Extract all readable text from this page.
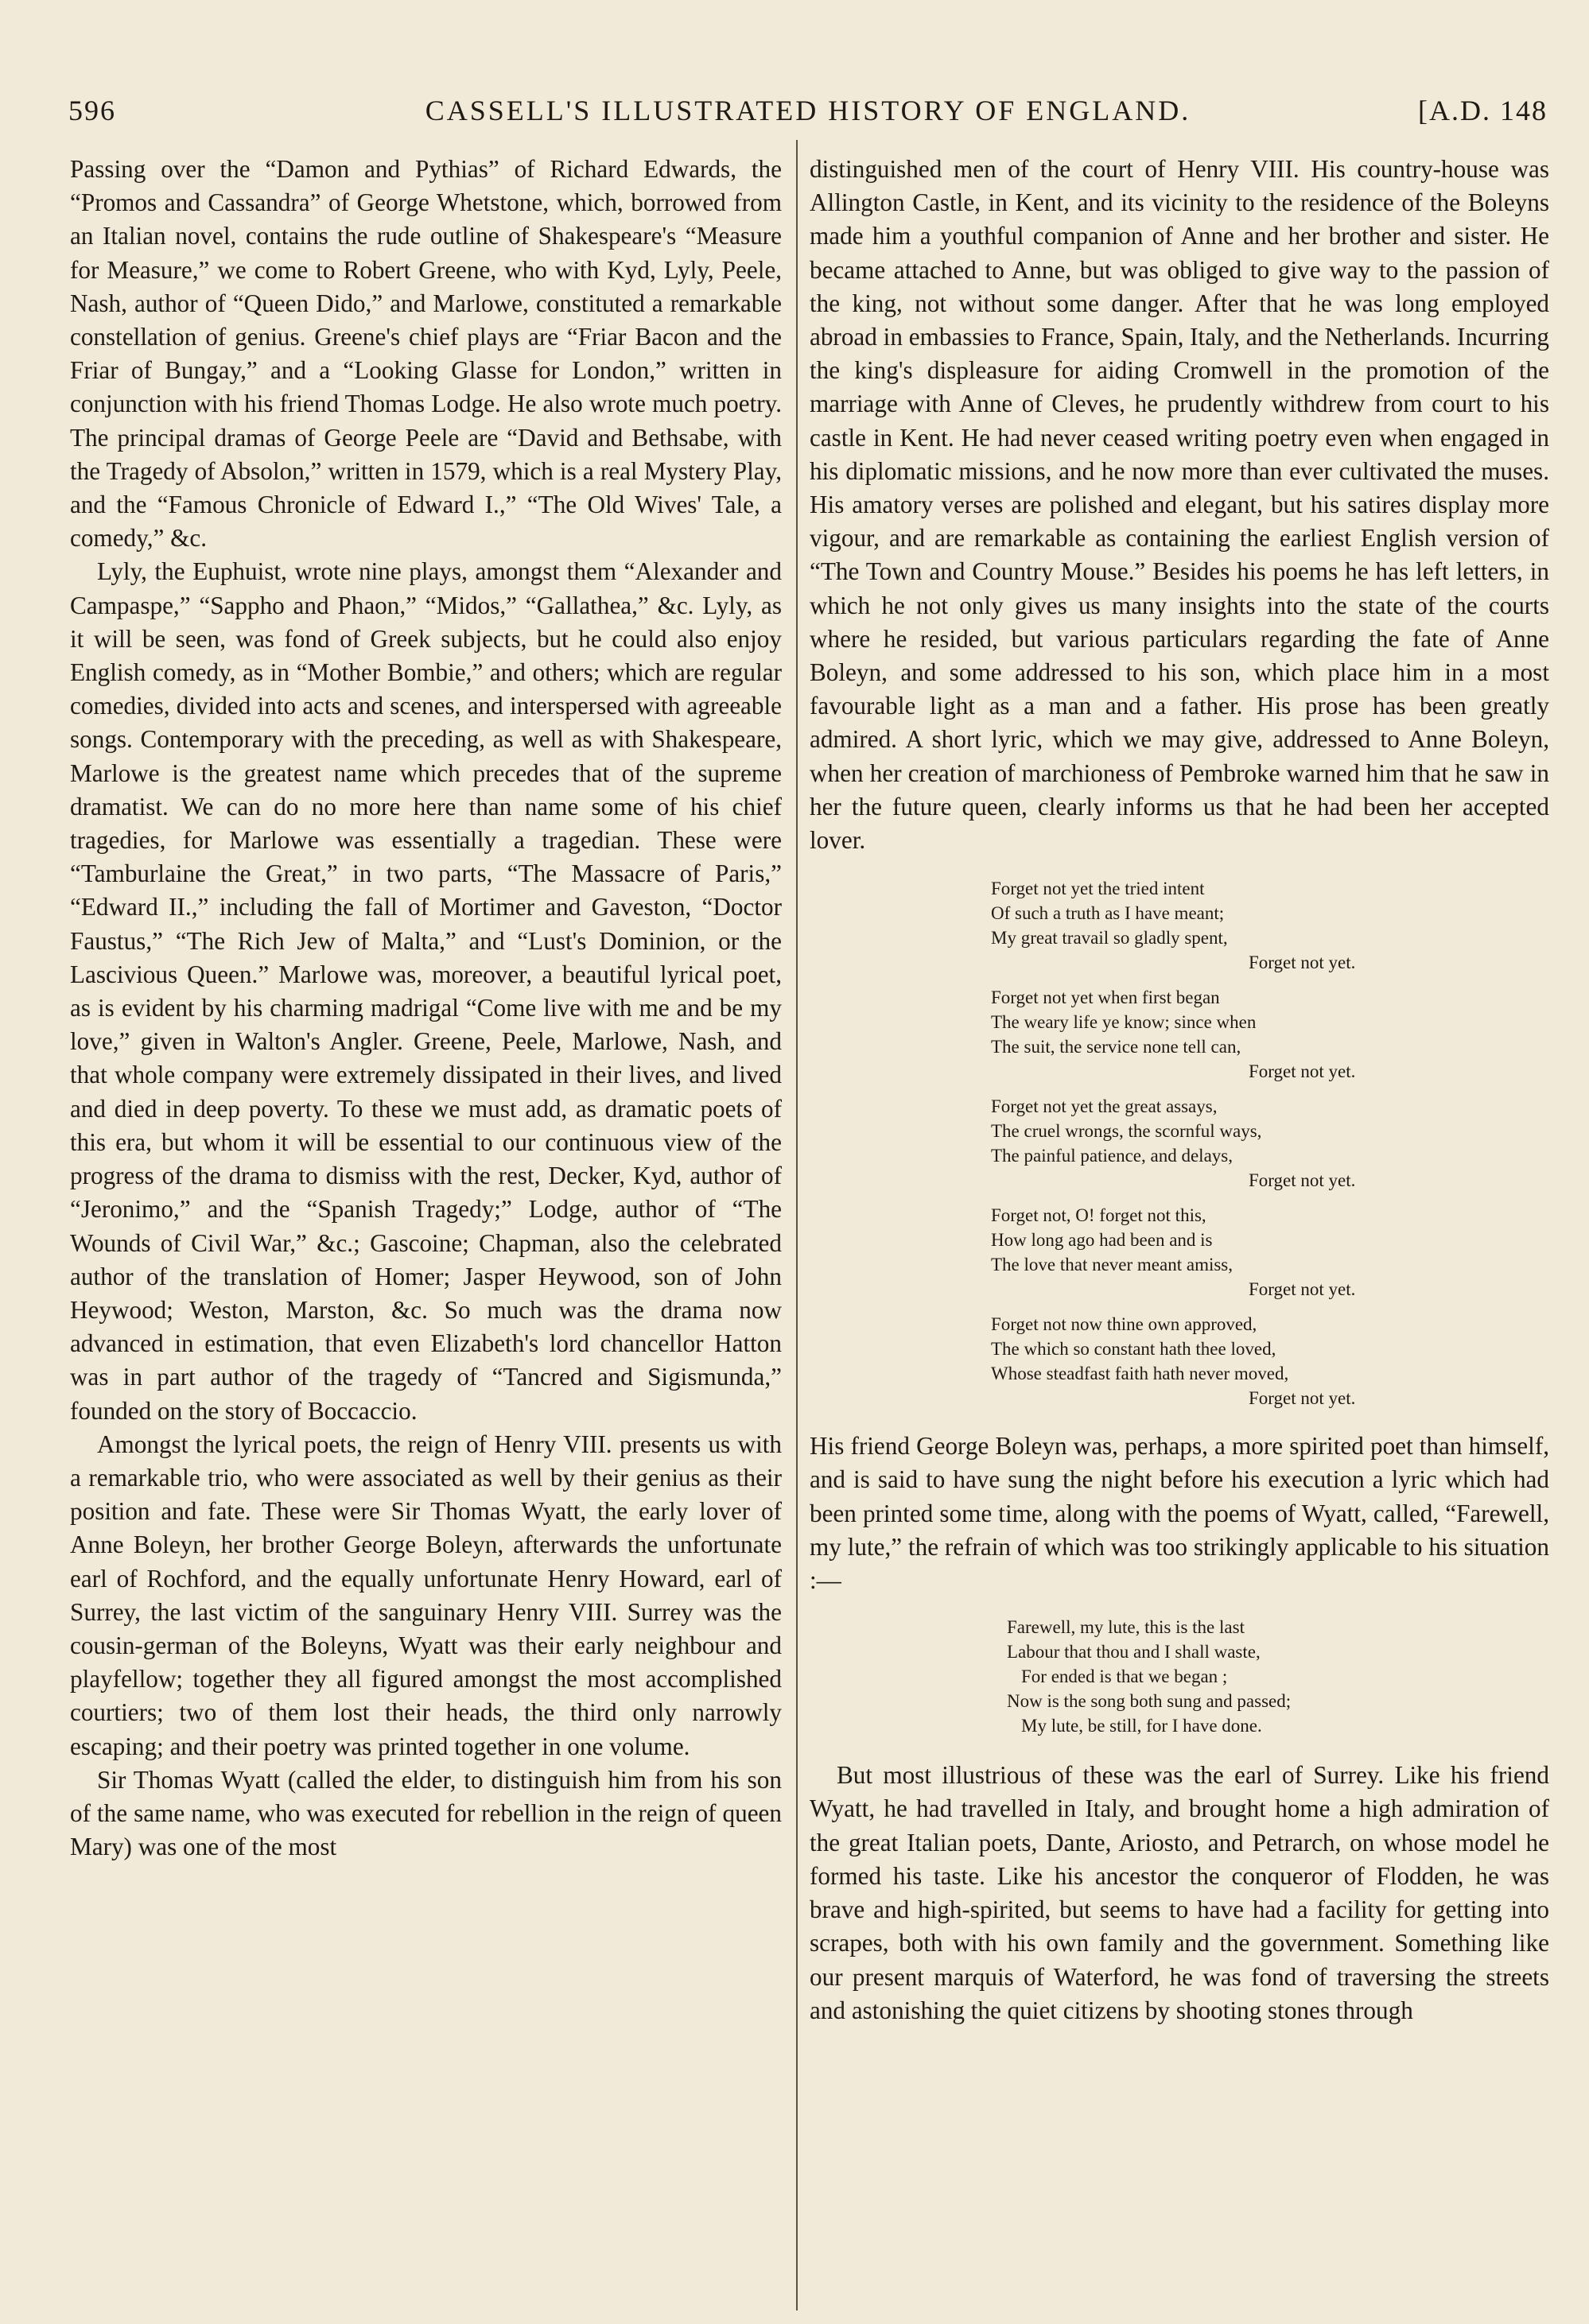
596	CASSELL'S ILLUSTRATED HISTORY OF ENGLAND.	[A.D. 148

Passing over the “Damon and Pythias” of Richard Edwards, the “Promos and Cassandra” of George Whetstone, which, borrowed from an Italian novel, contains the rude outline of Shakespeare's “Measure for Measure,” we come to Robert Greene, who with Kyd, Lyly, Peele, Nash, author of “Queen Dido,” and Marlowe, constituted a remarkable constellation of genius. Greene's chief plays are “Friar Bacon and the Friar of Bungay,” and a “Looking Glasse for London,” written in conjunction with his friend Thomas Lodge. He also wrote much poetry. The principal dramas of George Peele are “David and Bethsabe, with the Tragedy of Absolon,” written in 1579, which is a real Mystery Play, and the “Famous Chronicle of Edward I.,” “The Old Wives' Tale, a comedy,” &c.

Lyly, the Euphuist, wrote nine plays, amongst them “Alexander and Campaspe,” “Sappho and Phaon,” “Midos,” “Gallathea,” &c. Lyly, as it will be seen, was fond of Greek subjects, but he could also enjoy English comedy, as in “Mother Bombie,” and others; which are regular comedies, divided into acts and scenes, and interspersed with agreeable songs. Contemporary with the preceding, as well as with Shakespeare, Marlowe is the greatest name which precedes that of the supreme dramatist. We can do no more here than name some of his chief tragedies, for Marlowe was essentially a tragedian. These were “Tamburlaine the Great,” in two parts, “The Massacre of Paris,” “Edward II.,” including the fall of Mortimer and Gaveston, “Doctor Faustus,” “The Rich Jew of Malta,” and “Lust's Dominion, or the Lascivious Queen.” Marlowe was, moreover, a beautiful lyrical poet, as is evident by his charming madrigal “Come live with me and be my love,” given in Walton's Angler. Greene, Peele, Marlowe, Nash, and that whole company were extremely dissipated in their lives, and lived and died in deep poverty. To these we must add, as dramatic poets of this era, but whom it will be essential to our continuous view of the progress of the drama to dismiss with the rest, Decker, Kyd, author of “Jeronimo,” and the “Spanish Tragedy;” Lodge, author of “The Wounds of Civil War,” &c.; Gascoine; Chapman, also the celebrated author of the translation of Homer; Jasper Heywood, son of John Heywood; Weston, Marston, &c. So much was the drama now advanced in estimation, that even Elizabeth's lord chancellor Hatton was in part author of the tragedy of “Tancred and Sigismunda,” founded on the story of Boccaccio.

Amongst the lyrical poets, the reign of Henry VIII. presents us with a remarkable trio, who were associated as well by their genius as their position and fate. These were Sir Thomas Wyatt, the early lover of Anne Boleyn, her brother George Boleyn, afterwards the unfortunate earl of Rochford, and the equally unfortunate Henry Howard, earl of Surrey, the last victim of the sanguinary Henry VIII. Surrey was the cousin-german of the Boleyns, Wyatt was their early neighbour and playfellow; together they all figured amongst the most accomplished courtiers; two of them lost their heads, the third only narrowly escaping; and their poetry was printed together in one volume.

Sir Thomas Wyatt (called the elder, to distinguish him from his son of the same name, who was executed for rebellion in the reign of queen Mary) was one of the most

distinguished men of the court of Henry VIII. His country-house was Allington Castle, in Kent, and its vicinity to the residence of the Boleyns made him a youthful companion of Anne and her brother and sister. He became attached to Anne, but was obliged to give way to the passion of the king, not without some danger. After that he was long employed abroad in embassies to France, Spain, Italy, and the Netherlands. Incurring the king's displeasure for aiding Cromwell in the promotion of the marriage with Anne of Cleves, he prudently withdrew from court to his castle in Kent. He had never ceased writing poetry even when engaged in his diplomatic missions, and he now more than ever cultivated the muses. His amatory verses are polished and elegant, but his satires display more vigour, and are remarkable as containing the earliest English version of “The Town and Country Mouse.” Besides his poems he has left letters, in which he not only gives us many insights into the state of the courts where he resided, but various particulars regarding the fate of Anne Boleyn, and some addressed to his son, which place him in a most favourable light as a man and a father. His prose has been greatly admired. A short lyric, which we may give, addressed to Anne Boleyn, when her creation of marchioness of Pembroke warned him that he saw in her the future queen, clearly informs us that he had been her accepted lover.

Forget not yet the tried intent
Of such a truth as I have meant;
My great travail so gladly spent,
Forget not yet.
Forget not yet when first began
The weary life ye know; since when
The suit, the service none tell can,
Forget not yet.
Forget not yet the great assays,
The cruel wrongs, the scornful ways,
The painful patience, and delays,
Forget not yet.
Forget not, O! forget not this,
How long ago had been and is
The love that never meant amiss,
Forget not yet.
Forget not now thine own approved,
The which so constant hath thee loved,
Whose steadfast faith hath never moved,
Forget not yet.

His friend George Boleyn was, perhaps, a more spirited poet than himself, and is said to have sung the night before his execution a lyric which had been printed some time, along with the poems of Wyatt, called, “Farewell, my lute,” the refrain of which was too strikingly applicable to his situation :—

Farewell, my lute, this is the last
Labour that thou and I shall waste,
For ended is that we began ;
Now is the song both sung and passed;
My lute, be still, for I have done.

But most illustrious of these was the earl of Surrey. Like his friend Wyatt, he had travelled in Italy, and brought home a high admiration of the great Italian poets, Dante, Ariosto, and Petrarch, on whose model he formed his taste. Like his ancestor the conqueror of Flodden, he was brave and high-spirited, but seems to have had a facility for getting into scrapes, both with his own family and the government. Something like our present marquis of Waterford, he was fond of traversing the streets and astonishing the quiet citizens by shooting stones through
